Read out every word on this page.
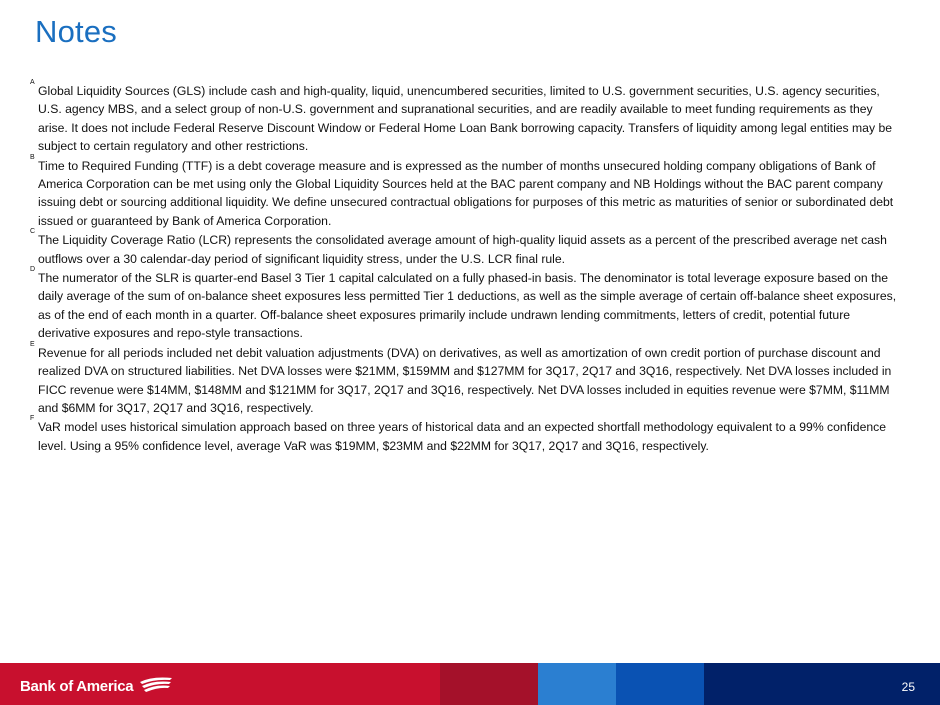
Notes
A
Global Liquidity Sources (GLS) include cash and high-quality, liquid, unencumbered securities, limited to U.S. government securities, U.S. agency securities, U.S. agency MBS, and a select group of non-U.S. government and supranational securities, and are readily available to meet funding requirements as they arise. It does not include Federal Reserve Discount Window or Federal Home Loan Bank borrowing capacity. Transfers of liquidity among legal entities may be subject to certain regulatory and other restrictions.
B
Time to Required Funding (TTF) is a debt coverage measure and is expressed as the number of months unsecured holding company obligations of Bank of America Corporation can be met using only the Global Liquidity Sources held at the BAC parent company and NB Holdings without the BAC parent company issuing debt or sourcing additional liquidity. We define unsecured contractual obligations for purposes of this metric as maturities of senior or subordinated debt issued or guaranteed by Bank of America Corporation.
C
The Liquidity Coverage Ratio (LCR) represents the consolidated average amount of high-quality liquid assets as a percent of the prescribed average net cash outflows over a 30 calendar-day period of significant liquidity stress, under the U.S. LCR final rule.
D
The numerator of the SLR is quarter-end Basel 3 Tier 1 capital calculated on a fully phased-in basis. The denominator is total leverage exposure based on the daily average of the sum of on-balance sheet exposures less permitted Tier 1 deductions, as well as the simple average of certain off-balance sheet exposures, as of the end of each month in a quarter. Off-balance sheet exposures primarily include undrawn lending commitments, letters of credit, potential future derivative exposures and repo-style transactions.
E
Revenue for all periods included net debit valuation adjustments (DVA) on derivatives, as well as amortization of own credit portion of purchase discount and realized DVA on structured liabilities. Net DVA losses were $21MM, $159MM and $127MM for 3Q17, 2Q17 and 3Q16, respectively. Net DVA losses included in FICC revenue were $14MM, $148MM and $121MM for 3Q17, 2Q17 and 3Q16, respectively. Net DVA losses included in equities revenue were $7MM, $11MM and $6MM for 3Q17, 2Q17 and 3Q16, respectively.
F
VaR model uses historical simulation approach based on three years of historical data and an expected shortfall methodology equivalent to a 99% confidence level. Using a 95% confidence level, average VaR was $19MM, $23MM and $22MM for 3Q17, 2Q17 and 3Q16, respectively.
Bank of America	25
